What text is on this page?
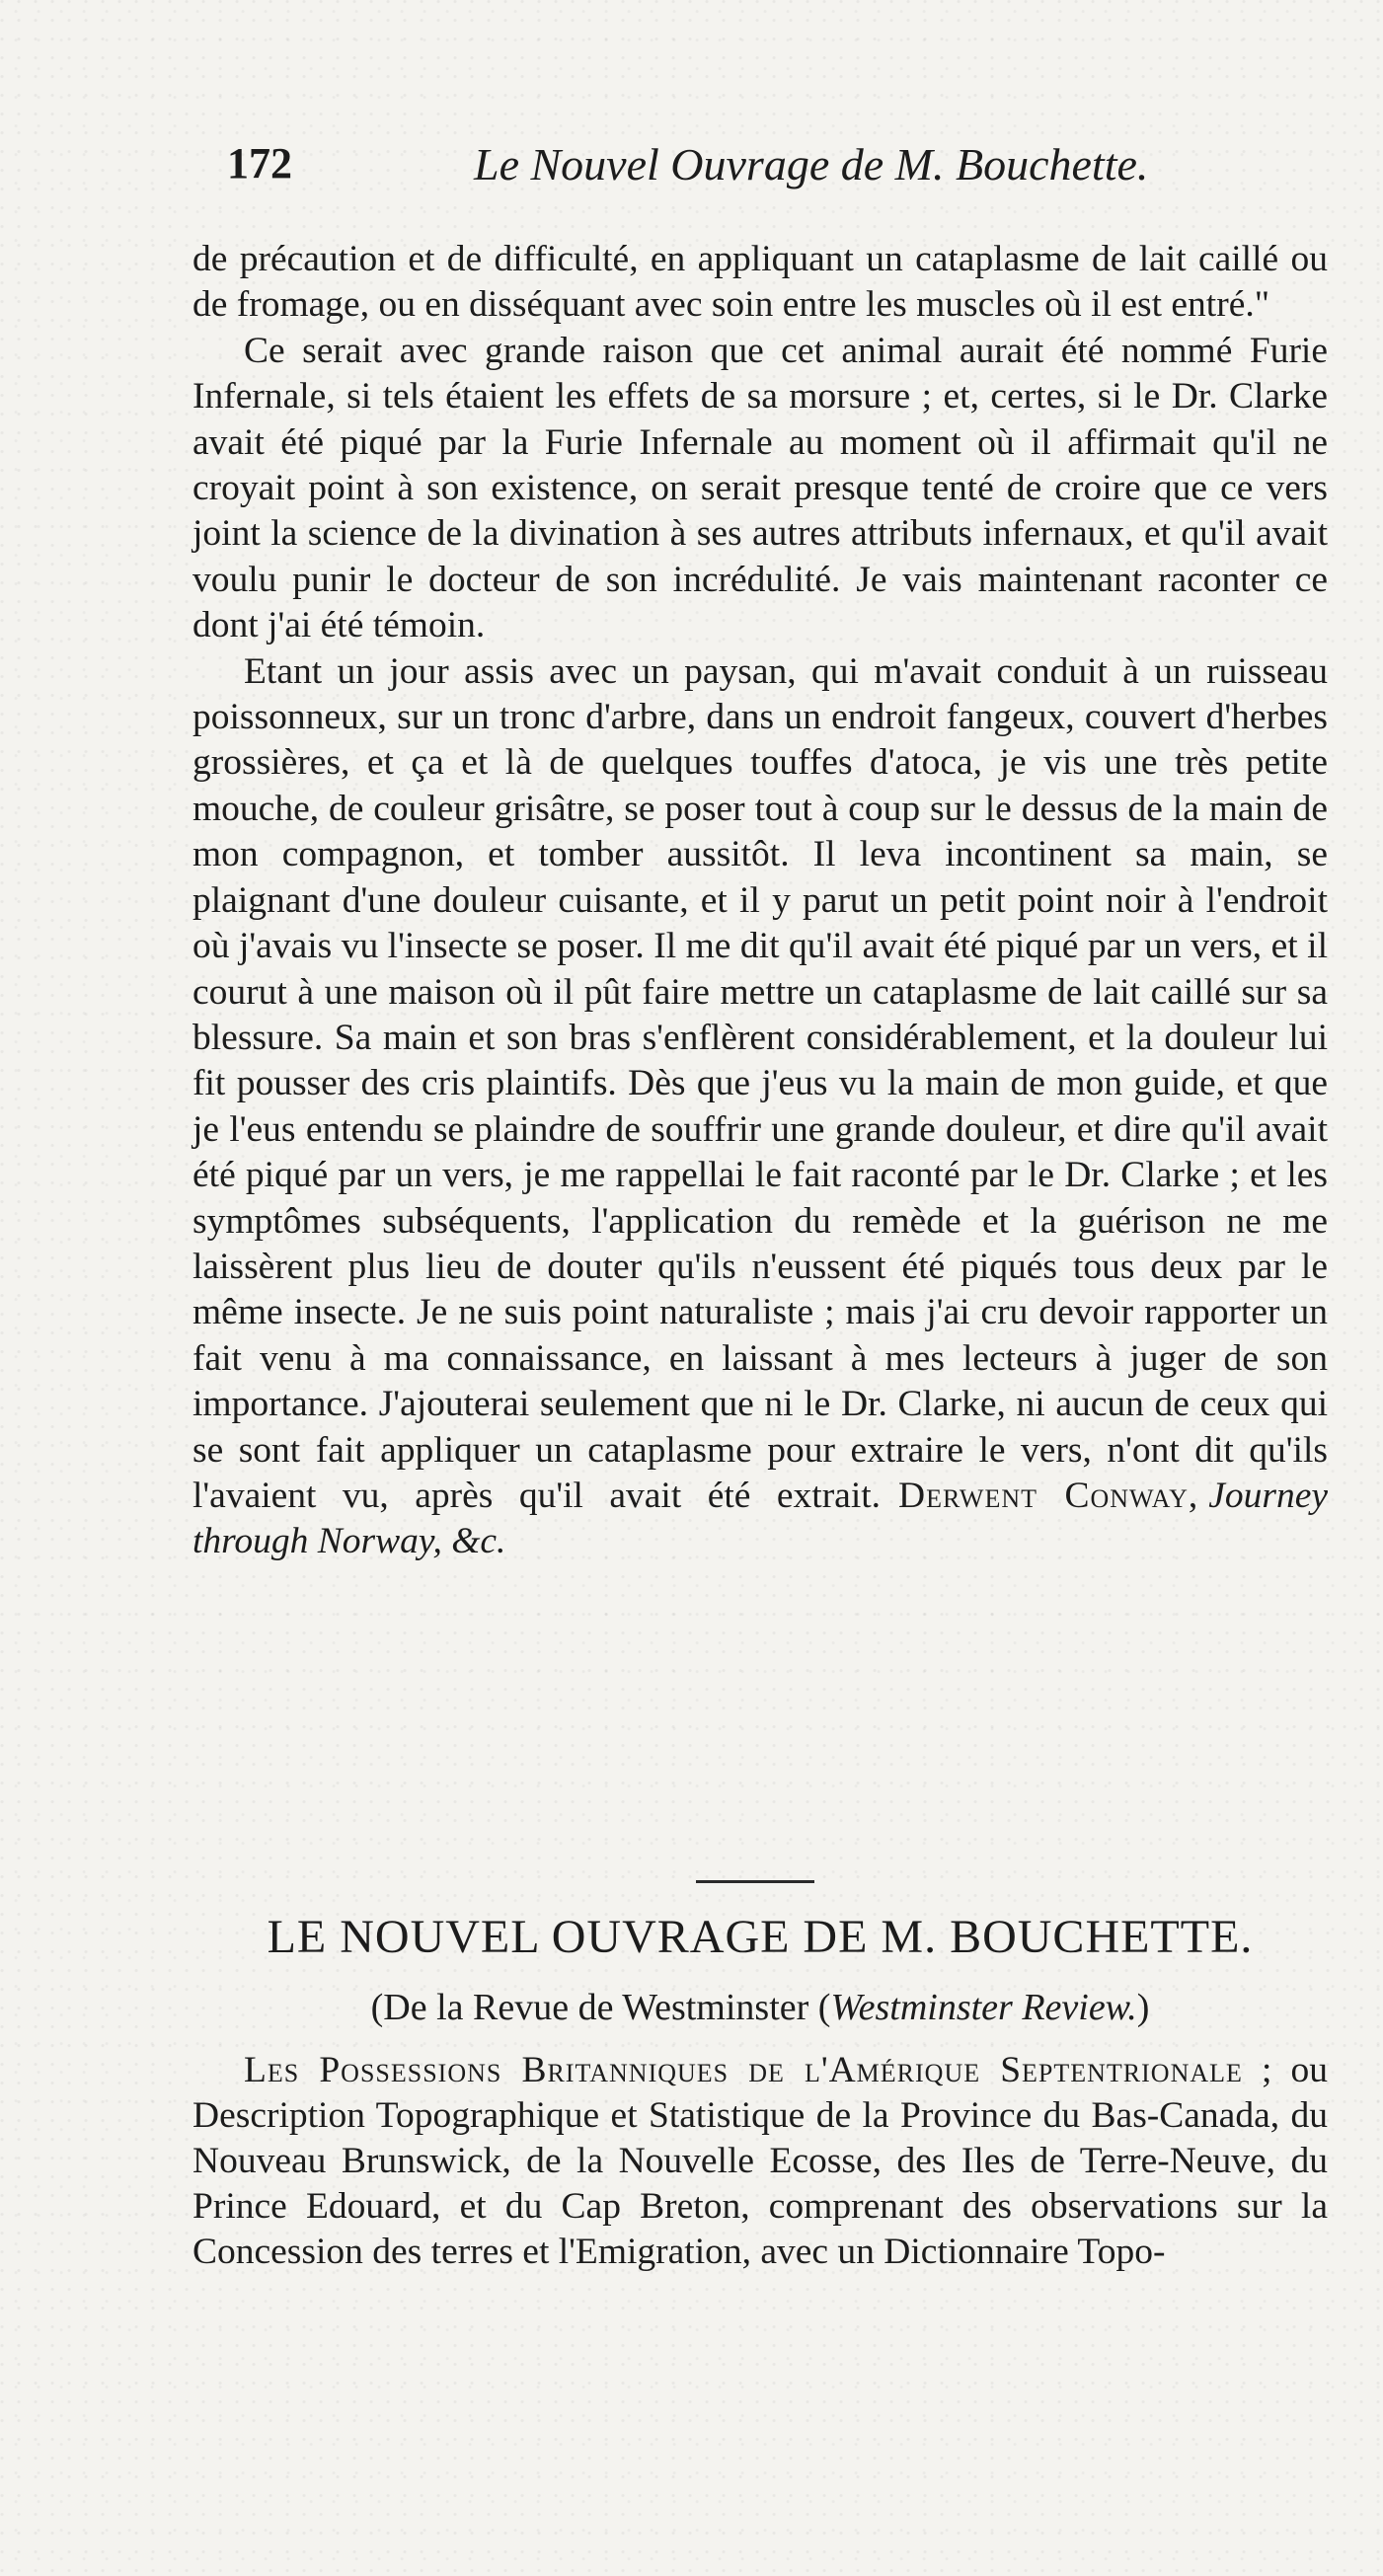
172	Le Nouvel Ouvrage de M. Bouchette.

de précaution et de difficulté, en appliquant un cataplasme de lait caillé ou de fromage, ou en disséquant avec soin entre les muscles où il est entré."

Ce serait avec grande raison que cet animal aurait été nommé Furie Infernale, si tels étaient les effets de sa morsure ; et, certes, si le Dr. Clarke avait été piqué par la Furie Infernale au moment où il affirmait qu'il ne croyait point à son existence, on serait presque tenté de croire que ce vers joint la science de la divination à ses autres attributs infernaux, et qu'il avait voulu punir le docteur de son incrédulité. Je vais maintenant raconter ce dont j'ai été témoin.

Etant un jour assis avec un paysan, qui m'avait conduit à un ruisseau poissonneux, sur un tronc d'arbre, dans un endroit fangeux, couvert d'herbes grossières, et ça et là de quelques touffes d'atoca, je vis une très petite mouche, de couleur grisâtre, se poser tout à coup sur le dessus de la main de mon compagnon, et tomber aussitôt. Il leva incontinent sa main, se plaignant d'une douleur cuisante, et il y parut un petit point noir à l'endroit où j'avais vu l'insecte se poser. Il me dit qu'il avait été piqué par un vers, et il courut à une maison où il pût faire mettre un cataplasme de lait caillé sur sa blessure. Sa main et son bras s'enflèrent considérablement, et la douleur lui fit pousser des cris plaintifs. Dès que j'eus vu la main de mon guide, et que je l'eus entendu se plaindre de souffrir une grande douleur, et dire qu'il avait été piqué par un vers, je me rappellai le fait raconté par le Dr. Clarke ; et les symptômes subséquents, l'application du remède et la guérison ne me laissèrent plus lieu de douter qu'ils n'eussent été piqués tous deux par le même insecte. Je ne suis point naturaliste ; mais j'ai cru devoir rapporter un fait venu à ma connaissance, en laissant à mes lecteurs à juger de son importance. J'ajouterai seulement que ni le Dr. Clarke, ni aucun de ceux qui se sont fait appliquer un cataplasme pour extraire le vers, n'ont dit qu'ils l'avaient vu, après qu'il avait été extrait. Derwent Conway, Journey through Norway, &c.

LE NOUVEL OUVRAGE DE M. BOUCHETTE.
(De la Revue de Westminster (Westminster Review.)

Les Possessions Britanniques de l'Amérique Septentrionale ; ou Description Topographique et Statistique de la Province du Bas-Canada, du Nouveau Brunswick, de la Nouvelle Ecosse, des Iles de Terre-Neuve, du Prince Edouard, et du Cap Breton, comprenant des observations sur la Concession des terres et l'Emigration, avec un Dictionnaire Topo-
